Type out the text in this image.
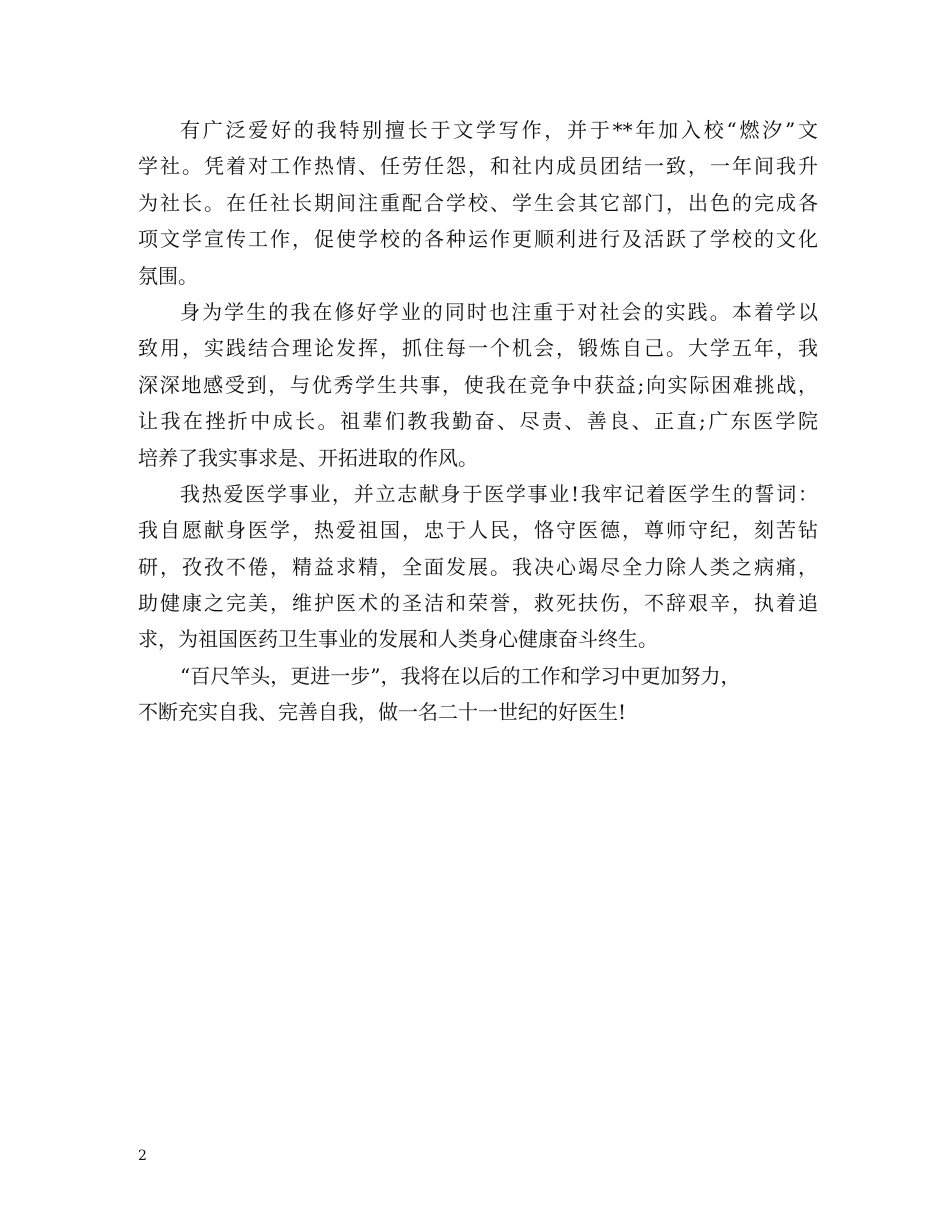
有广泛爱好的我特别擅长于文学写作，并于**年加入校“燃汐”文
学社。凭着对工作热情、任劳任怨，和社内成员团结一致，一年间我升
为社长。在任社长期间注重配合学校、学生会其它部门，出色的完成各
项文学宣传工作，促使学校的各种运作更顺利进行及活跃了学校的文化
氛围。
身为学生的我在修好学业的同时也注重于对社会的实践。本着学以
致用，实践结合理论发挥，抓住每一个机会，锻炼自己。大学五年，我
深深地感受到，与优秀学生共事，使我在竞争中获益;向实际困难挑战，
让我在挫折中成长。祖辈们教我勤奋、尽责、善良、正直;广东医学院
培养了我实事求是、开拓进取的作风。
我热爱医学事业，并立志献身于医学事业!我牢记着医学生的誓词：
我自愿献身医学，热爱祖国，忠于人民，恪守医德，尊师守纪，刻苦钻
研，孜孜不倦，精益求精，全面发展。我决心竭尽全力除人类之病痛，
助健康之完美，维护医术的圣洁和荣誉，救死扶伤，不辞艰辛，执着追
求，为祖国医药卫生事业的发展和人类身心健康奋斗终生。
“百尺竿头，更进一步”，我将在以后的工作和学习中更加努力，
不断充实自我、完善自我，做一名二十一世纪的好医生!
2
